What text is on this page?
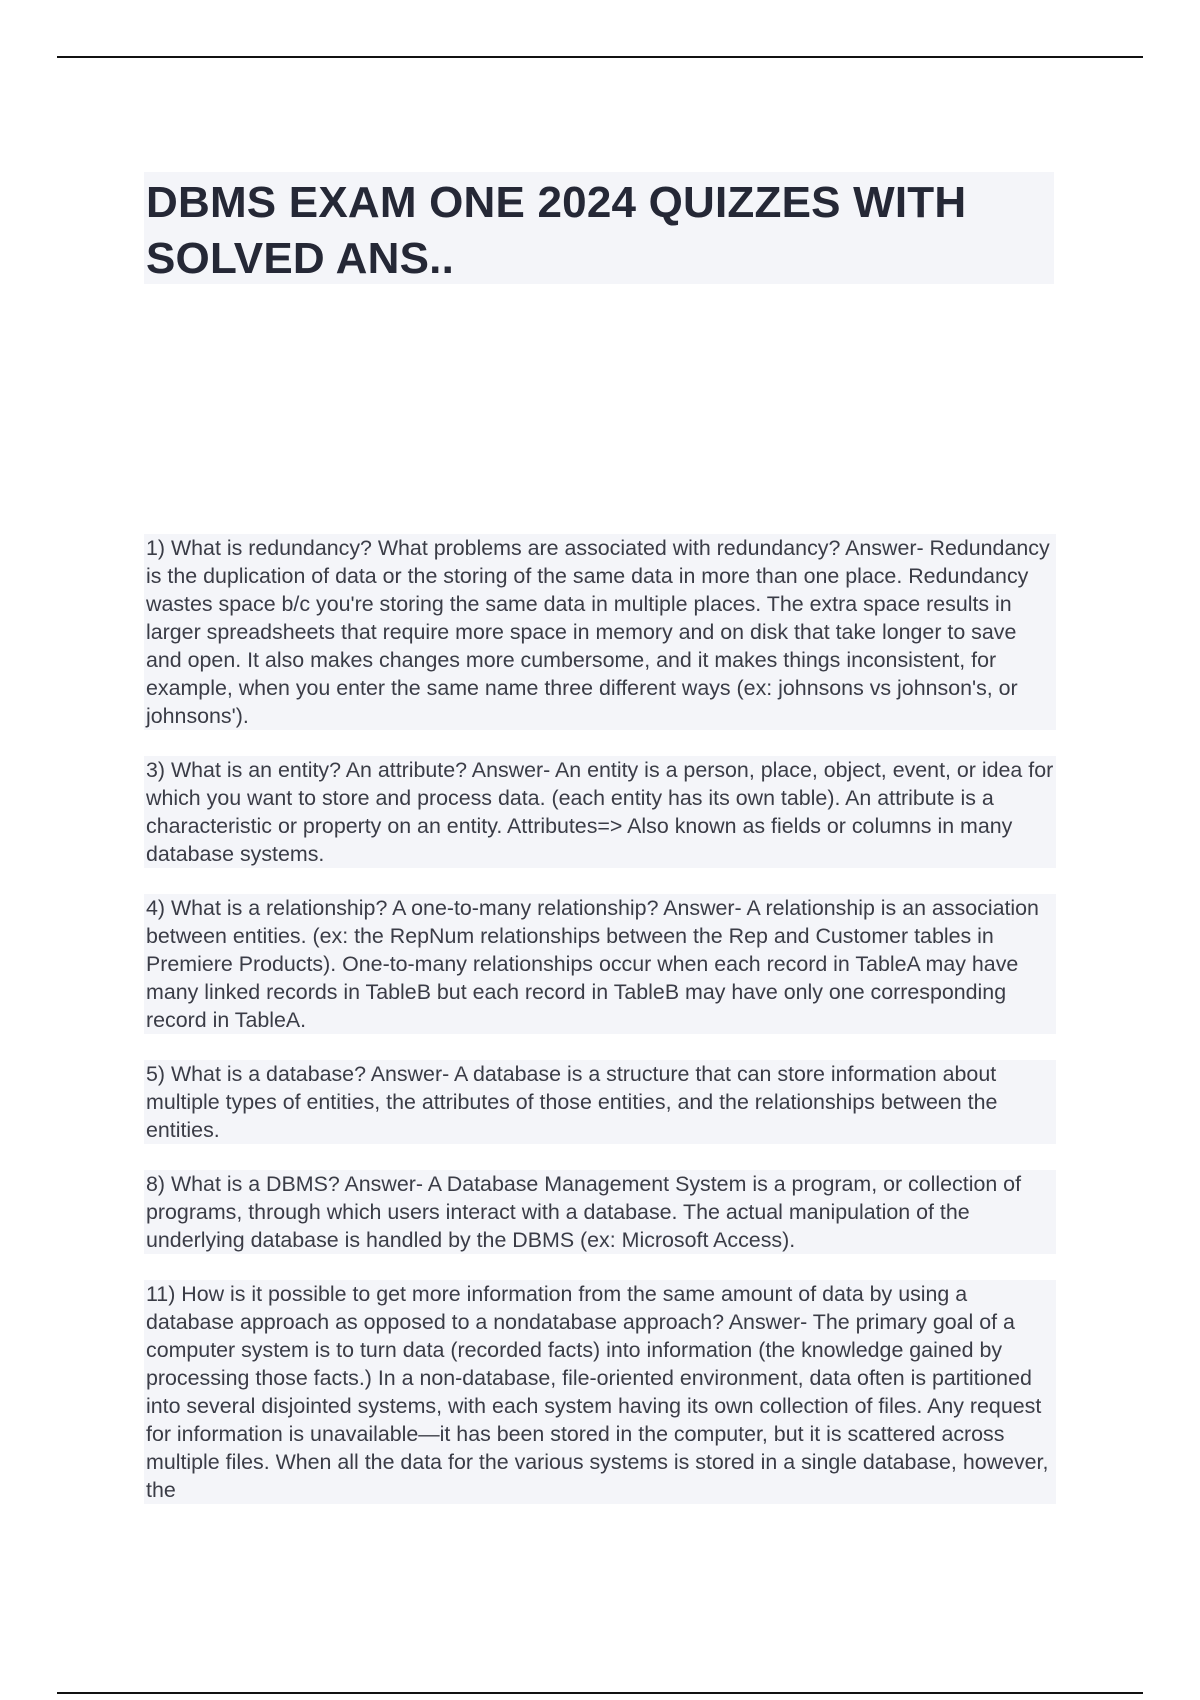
DBMS EXAM ONE 2024 QUIZZES WITH SOLVED ANS..

1) What is redundancy? What problems are associated with redundancy? Answer- Redundancy is the duplication of data or the storing of the same data in more than one place. Redundancy wastes space b/c you're storing the same data in multiple places. The extra space results in larger spreadsheets that require more space in memory and on disk that take longer to save and open. It also makes changes more cumbersome, and it makes things inconsistent, for example, when you enter the same name three different ways (ex: johnsons vs johnson's, or johnsons').

3) What is an entity? An attribute? Answer- An entity is a person, place, object, event, or idea for which you want to store and process data. (each entity has its own table). An attribute is a characteristic or property on an entity. Attributes=> Also known as fields or columns in many database systems.

4) What is a relationship? A one-to-many relationship? Answer- A relationship is an association between entities. (ex: the RepNum relationships between the Rep and Customer tables in Premiere Products). One-to-many relationships occur when each record in TableA may have many linked records in TableB but each record in TableB may have only one corresponding record in TableA.

5) What is a database? Answer- A database is a structure that can store information about multiple types of entities, the attributes of those entities, and the relationships between the entities.

8) What is a DBMS? Answer- A Database Management System is a program, or collection of programs, through which users interact with a database. The actual manipulation of the underlying database is handled by the DBMS (ex: Microsoft Access).

11) How is it possible to get more information from the same amount of data by using a database approach as opposed to a nondatabase approach? Answer- The primary goal of a computer system is to turn data (recorded facts) into information (the knowledge gained by processing those facts.) In a non-database, file-oriented environment, data often is partitioned into several disjointed systems, with each system having its own collection of files. Any request for information is unavailable—it has been stored in the computer, but it is scattered across multiple files. When all the data for the various systems is stored in a single database, however, the
